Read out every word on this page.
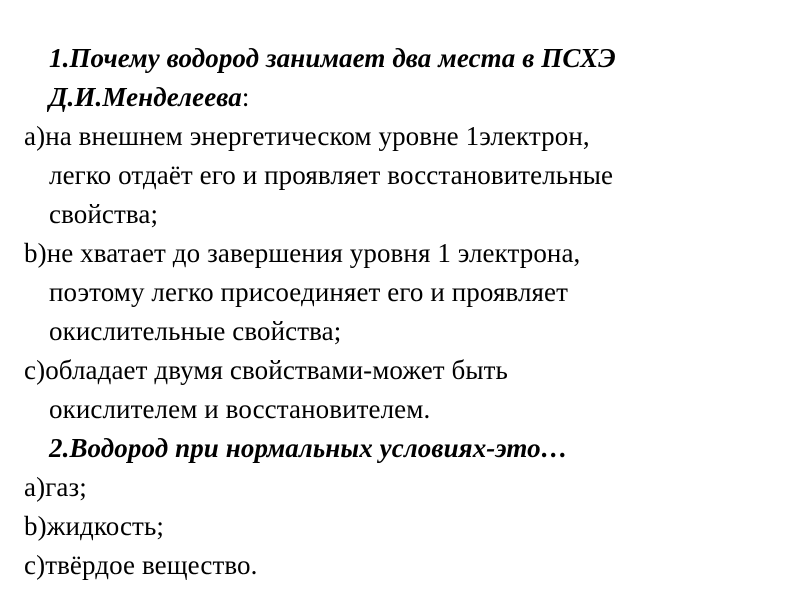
1.Почему водород занимает два места в ПСХЭ
Д.И.Менделеева:
a)на внешнем энергетическом уровне 1электрон,
легко отдаёт его и проявляет восстановительные
свойства;
b)не хватает до завершения уровня 1 электрона,
поэтому легко присоединяет его и проявляет
окислительные свойства;
c)обладает двумя свойствами-может быть
окислителем и восстановителем.
2.Водород при нормальных условиях-это…
a)газ;
b)жидкость;
c)твёрдое вещество.
